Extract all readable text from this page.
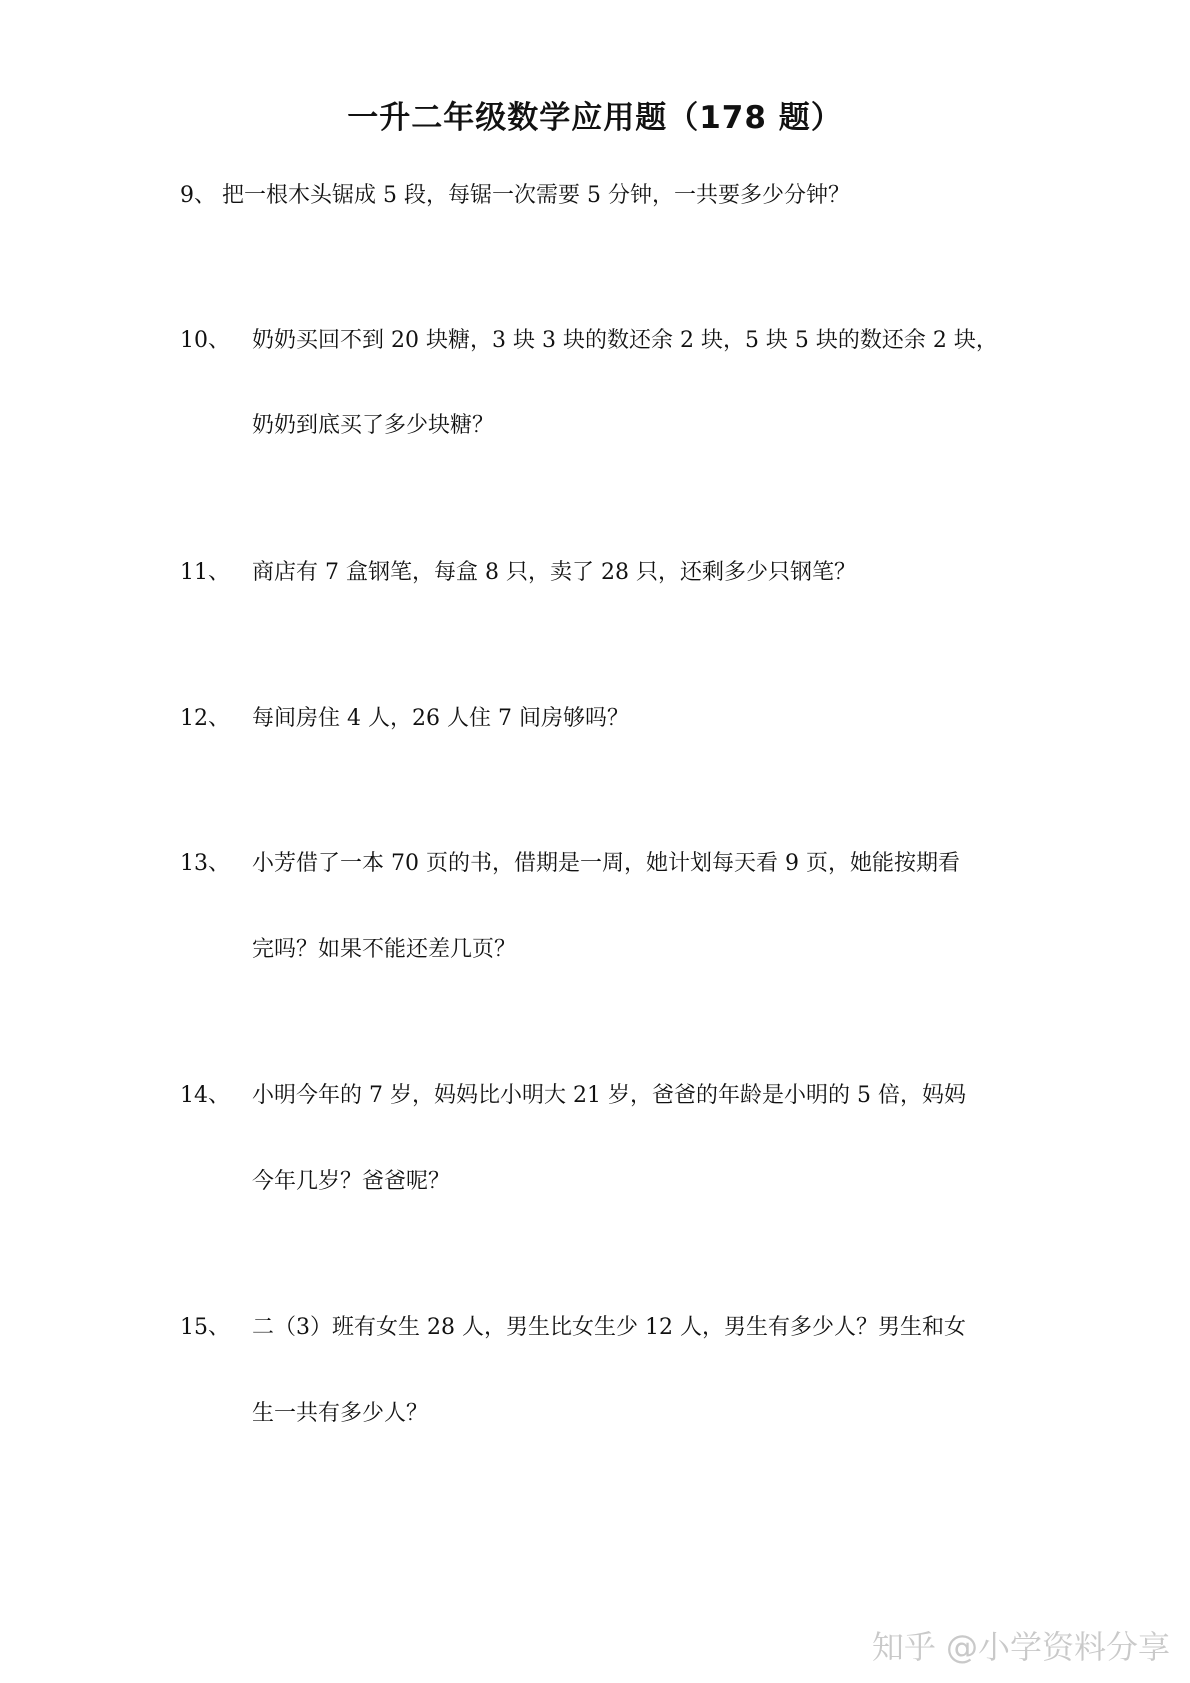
一升二年级数学应用题（178 题）
9、 把一根木头锯成 5 段，每锯一次需要 5 分钟，一共要多少分钟？
10、 奶奶买回不到 20 块糖，3 块 3 块的数还余 2 块，5 块 5 块的数还余 2 块，
奶奶到底买了多少块糖？
11、 商店有 7 盒钢笔，每盒 8 只，卖了 28 只，还剩多少只钢笔？
12、 每间房住 4 人，26 人住 7 间房够吗？
13、 小芳借了一本 70 页的书，借期是一周，她计划每天看 9 页，她能按期看
完吗？如果不能还差几页？
14、 小明今年的 7 岁，妈妈比小明大 21 岁，爸爸的年龄是小明的 5 倍，妈妈
今年几岁？爸爸呢？
15、 二（3）班有女生 28 人，男生比女生少 12 人，男生有多少人？男生和女
生一共有多少人？
知乎 @小学资料分享
